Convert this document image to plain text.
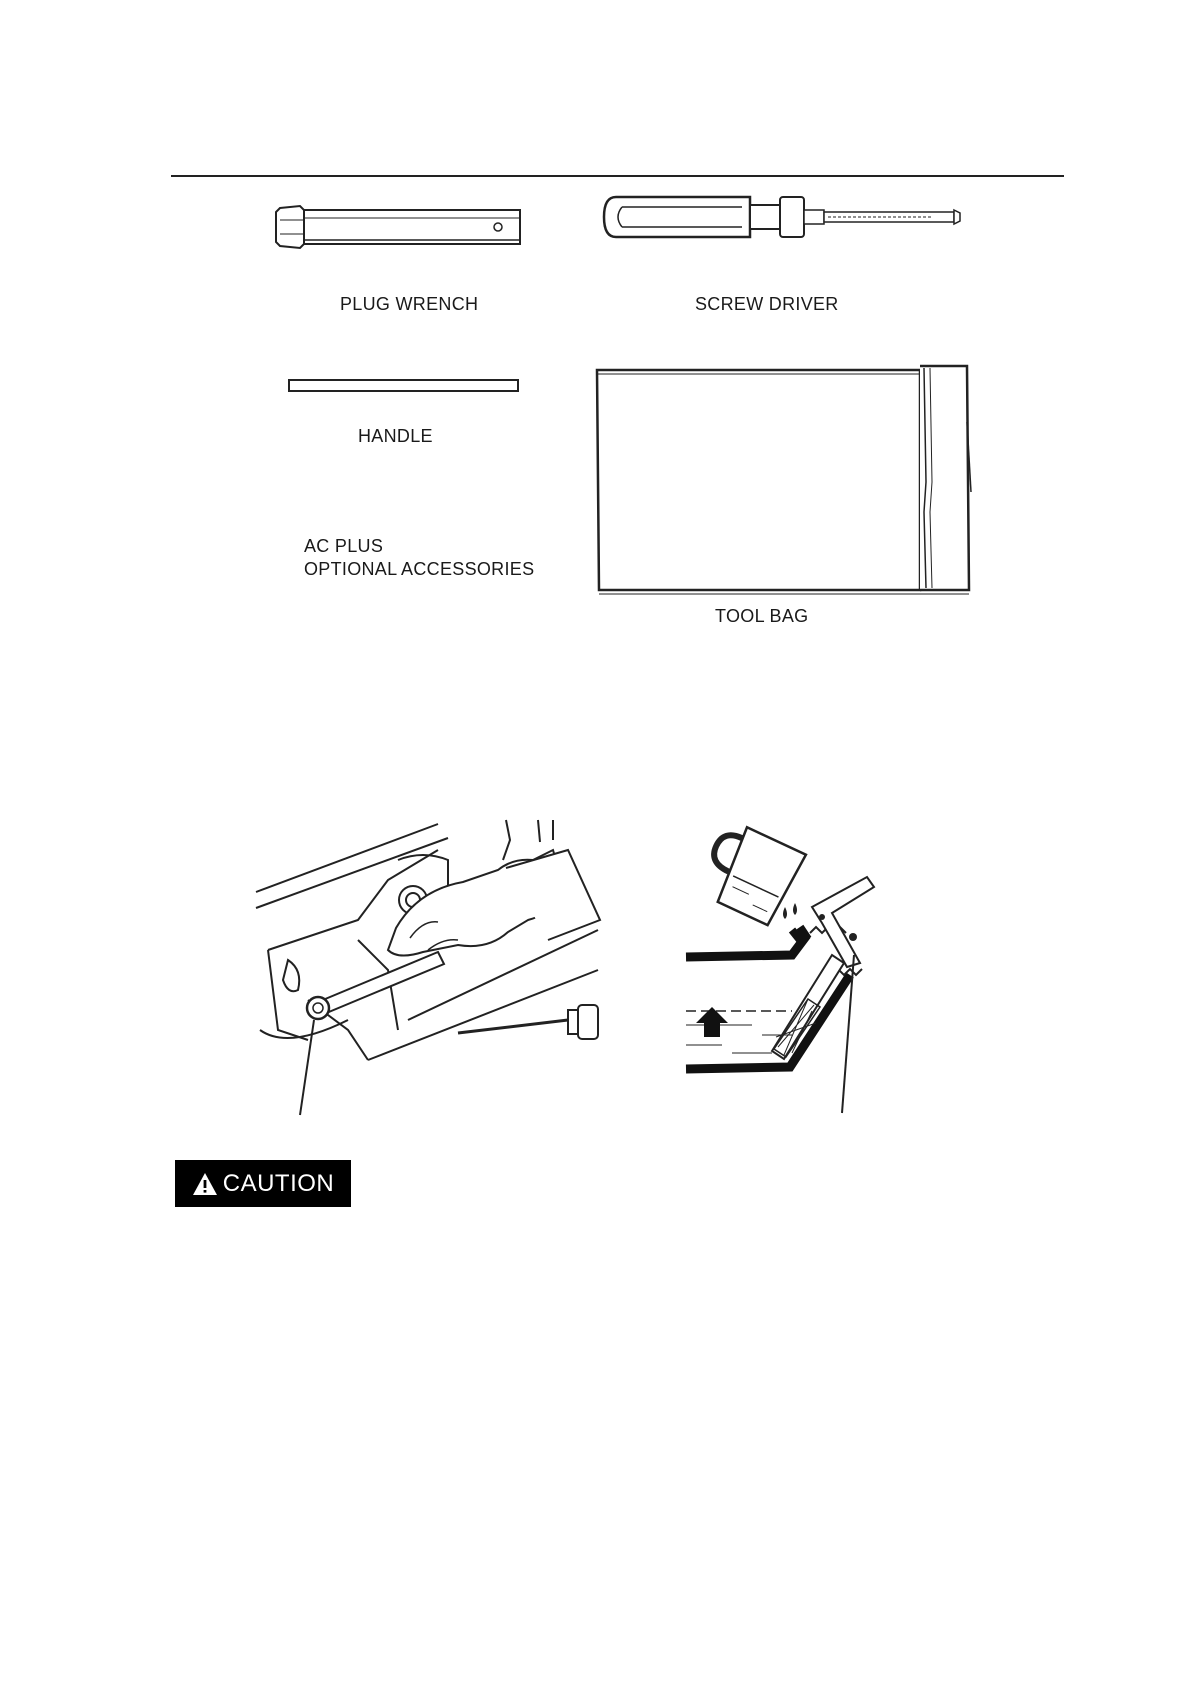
PLUG WRENCH	SCREW DRIVER
HANDLE
AC PLUS
OPTIONAL ACCESSORIES
TOOL BAG
CAUTION
